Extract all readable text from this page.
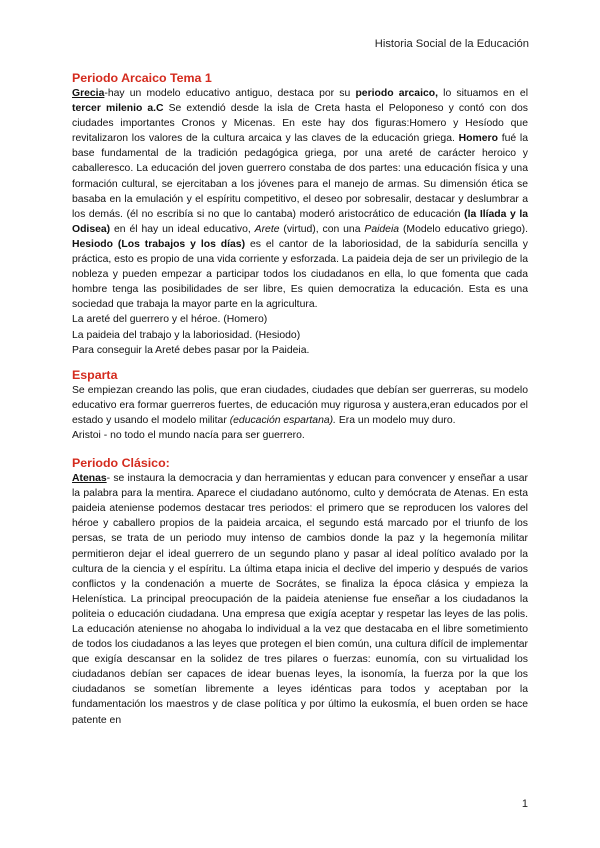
Historia Social de la Educación
Periodo Arcaico Tema 1

Grecia-hay un modelo educativo antiguo, destaca por su periodo arcaico, lo situamos en el tercer milenio a.C Se extendió desde la isla de Creta hasta el Peloponeso y contó con dos ciudades importantes Cronos y Micenas. En este hay dos figuras:Homero y Hesíodo que revitalizaron los valores de la cultura arcaica y las claves de la educación griega. Homero fué la base fundamental de la tradición pedagógica griega, por una areté de carácter heroico y caballeresco. La educación del joven guerrero constaba de dos partes: una educación física y una formación cultural, se ejercitaban a los jóvenes para el manejo de armas. Su dimensión ética se basaba en la emulación y el espíritu competitivo, el deseo por sobresalir, destacar y deslumbrar a los demás. (él no escribía si no que lo cantaba) moderó aristocrático de educación (la Ilíada y la Odisea) en él hay un ideal educativo, Arete (virtud), con una Paideia (Modelo educativo griego). Hesiodo (Los trabajos y los días) es el cantor de la laboriosidad, de la sabiduría sencilla y práctica, esto es propio de una vida corriente y esforzada. La paideia deja de ser un privilegio de la nobleza y pueden empezar a participar todos los ciudadanos en ella, lo que fomenta que cada hombre tenga las posibilidades de ser libre, Es quien democratiza la educación. Esta es una sociedad que trabaja la mayor parte en la agricultura.

La areté del guerrero y el héroe. (Homero)

La paideia del trabajo y la laboriosidad. (Hesiodo)

Para conseguir la Areté debes pasar por la Paideia.

Esparta

Se empiezan creando las polis, que eran ciudades, ciudades que debían ser guerreras, su modelo educativo era formar guerreros fuertes, de educación muy rigurosa y austera,eran educados por el estado y usando el modelo militar (educación espartana). Era un modelo muy duro.

Aristoi - no todo el mundo nacía para ser guerrero.

Periodo Clásico:

Atenas- se instaura la democracia y dan herramientas y educan para convencer y enseñar a usar la palabra para la mentira. Aparece el ciudadano autónomo, culto y demócrata de Atenas. En esta paideia ateniense podemos destacar tres periodos: el primero que se reproducen los valores del héroe y caballero propios de la paideia arcaica, el segundo está marcado por el triunfo de los persas, se trata de un periodo muy intenso de cambios donde la paz y la hegemonía militar permitieron dejar el ideal guerrero de un segundo plano y pasar al ideal político avalado por la cultura de la ciencia y el espíritu. La última etapa inicia el declive del imperio y después de varios conflictos y la condenación a muerte de Socrátes, se finaliza la época clásica y empieza la Helenística. La principal preocupación de la paideia ateniense fue enseñar a los ciudadanos la politeia o educación ciudadana. Una empresa que exigía aceptar y respetar las leyes de las polis. La educación ateniense no ahogaba lo individual a la vez que destacaba en el libre sometimiento de todos los ciudadanos a las leyes que protegen el bien común, una cultura difícil de implementar que exigía descansar en la solidez de tres pilares o fuerzas: eunomía, con su virtualidad los ciudadanos debían ser capaces de idear buenas leyes, la isonomía, la fuerza por la que los ciudadanos se sometían libremente a leyes idénticas para todos y aceptaban por la fundamentación los maestros y de clase política y por último la eukosmía, el buen orden se hace patente en

1
